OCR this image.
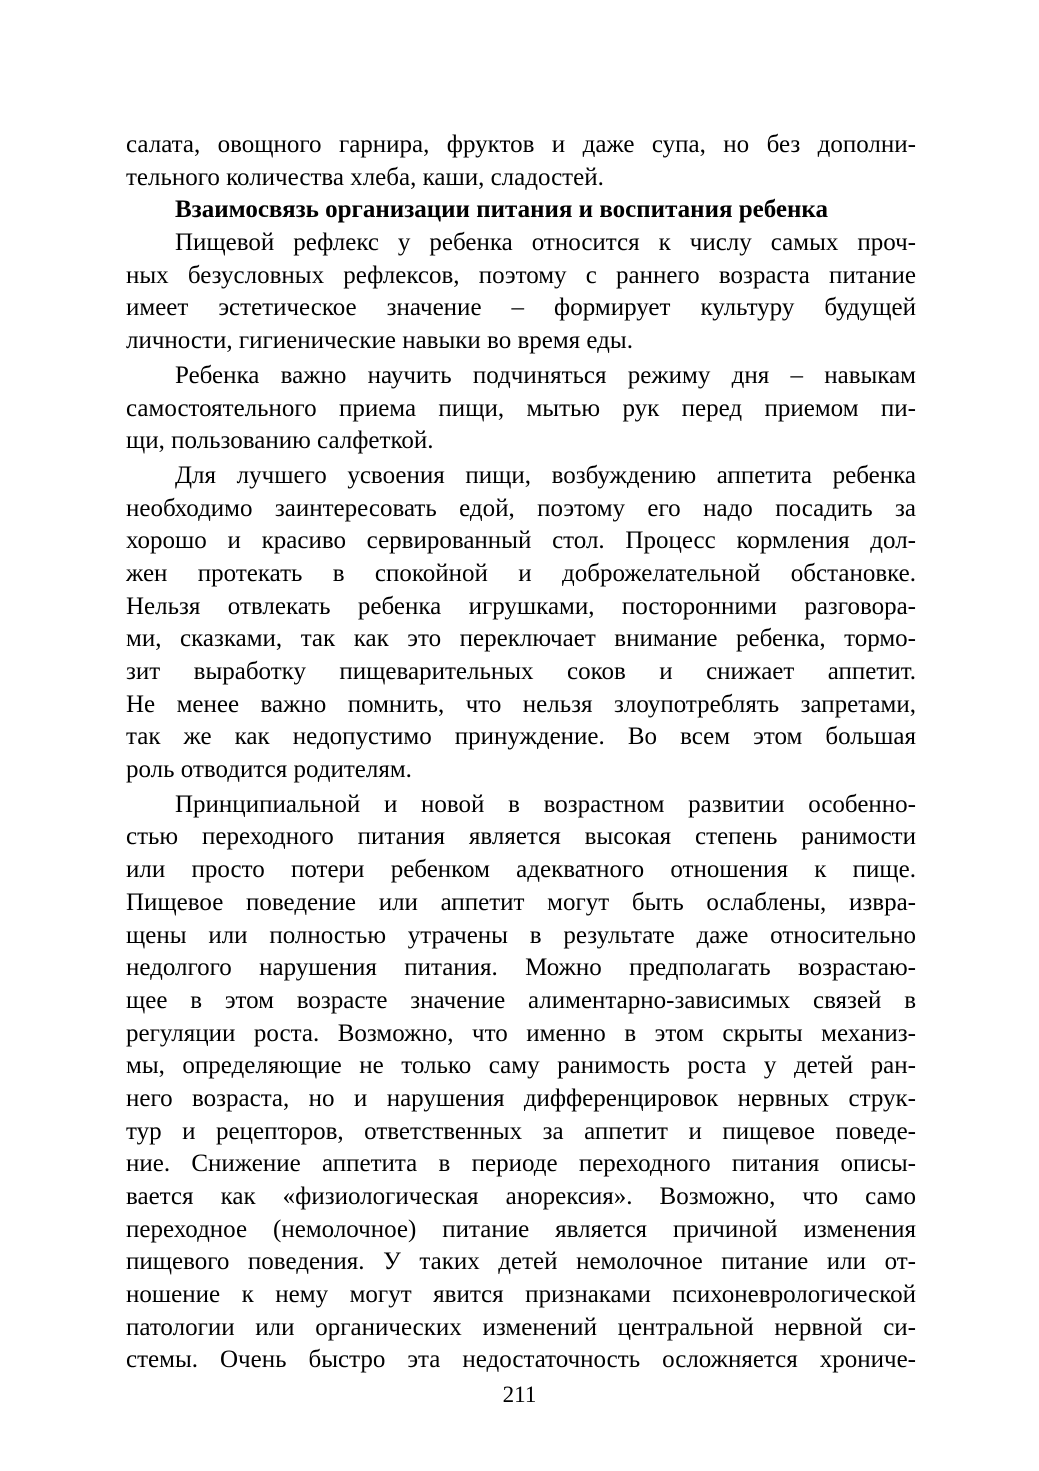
салата, овощного гарнира, фруктов и даже супа, но без дополни-
тельного количества хлеба, каши, сладостей.
Взаимосвязь организации питания и воспитания ребенка
Пищевой рефлекс у ребенка относится к числу самых проч-
ных безусловных рефлексов, поэтому с раннего возраста питание
имеет эстетическое значение – формирует культуру будущей
личности, гигиенические навыки во время еды.
Ребенка важно научить подчиняться режиму дня – навыкам
самостоятельного приема пищи, мытью рук перед приемом пи-
щи, пользованию салфеткой.
Для лучшего усвоения пищи, возбуждению аппетита ребенка
необходимо заинтересовать едой, поэтому его надо посадить за
хорошо и красиво сервированный стол. Процесс кормления дол-
жен протекать в спокойной и доброжелательной обстановке.
Нельзя отвлекать ребенка игрушками, посторонними разговора-
ми, сказками, так как это переключает внимание ребенка, тормо-
зит выработку пищеварительных соков и снижает аппетит.
Не менее важно помнить, что нельзя злоупотреблять запретами,
так же как недопустимо принуждение. Во всем этом большая
роль отводится родителям.
Принципиальной и новой в возрастном развитии особенно-
стью переходного питания является высокая степень ранимости
или просто потери ребенком адекватного отношения к пище.
Пищевое поведение или аппетит могут быть ослаблены, извра-
щены или полностью утрачены в результате даже относительно
недолгого нарушения питания. Можно предполагать возрастаю-
щее в этом возрасте значение алиментарно-зависимых связей в
регуляции роста. Возможно, что именно в этом скрыты механиз-
мы, определяющие не только саму ранимость роста у детей ран-
него возраста, но и нарушения дифференцировок нервных струк-
тур и рецепторов, ответственных за аппетит и пищевое поведе-
ние. Снижение аппетита в периоде переходного питания описы-
вается как «физиологическая анорексия». Возможно, что само
переходное (немолочное) питание является причиной изменения
пищевого поведения. У таких детей немолочное питание или от-
ношение к нему могут явится признаками психоневрологической
патологии или органических изменений центральной нервной си-
стемы. Очень быстро эта недостаточность осложняется хрониче-
211
